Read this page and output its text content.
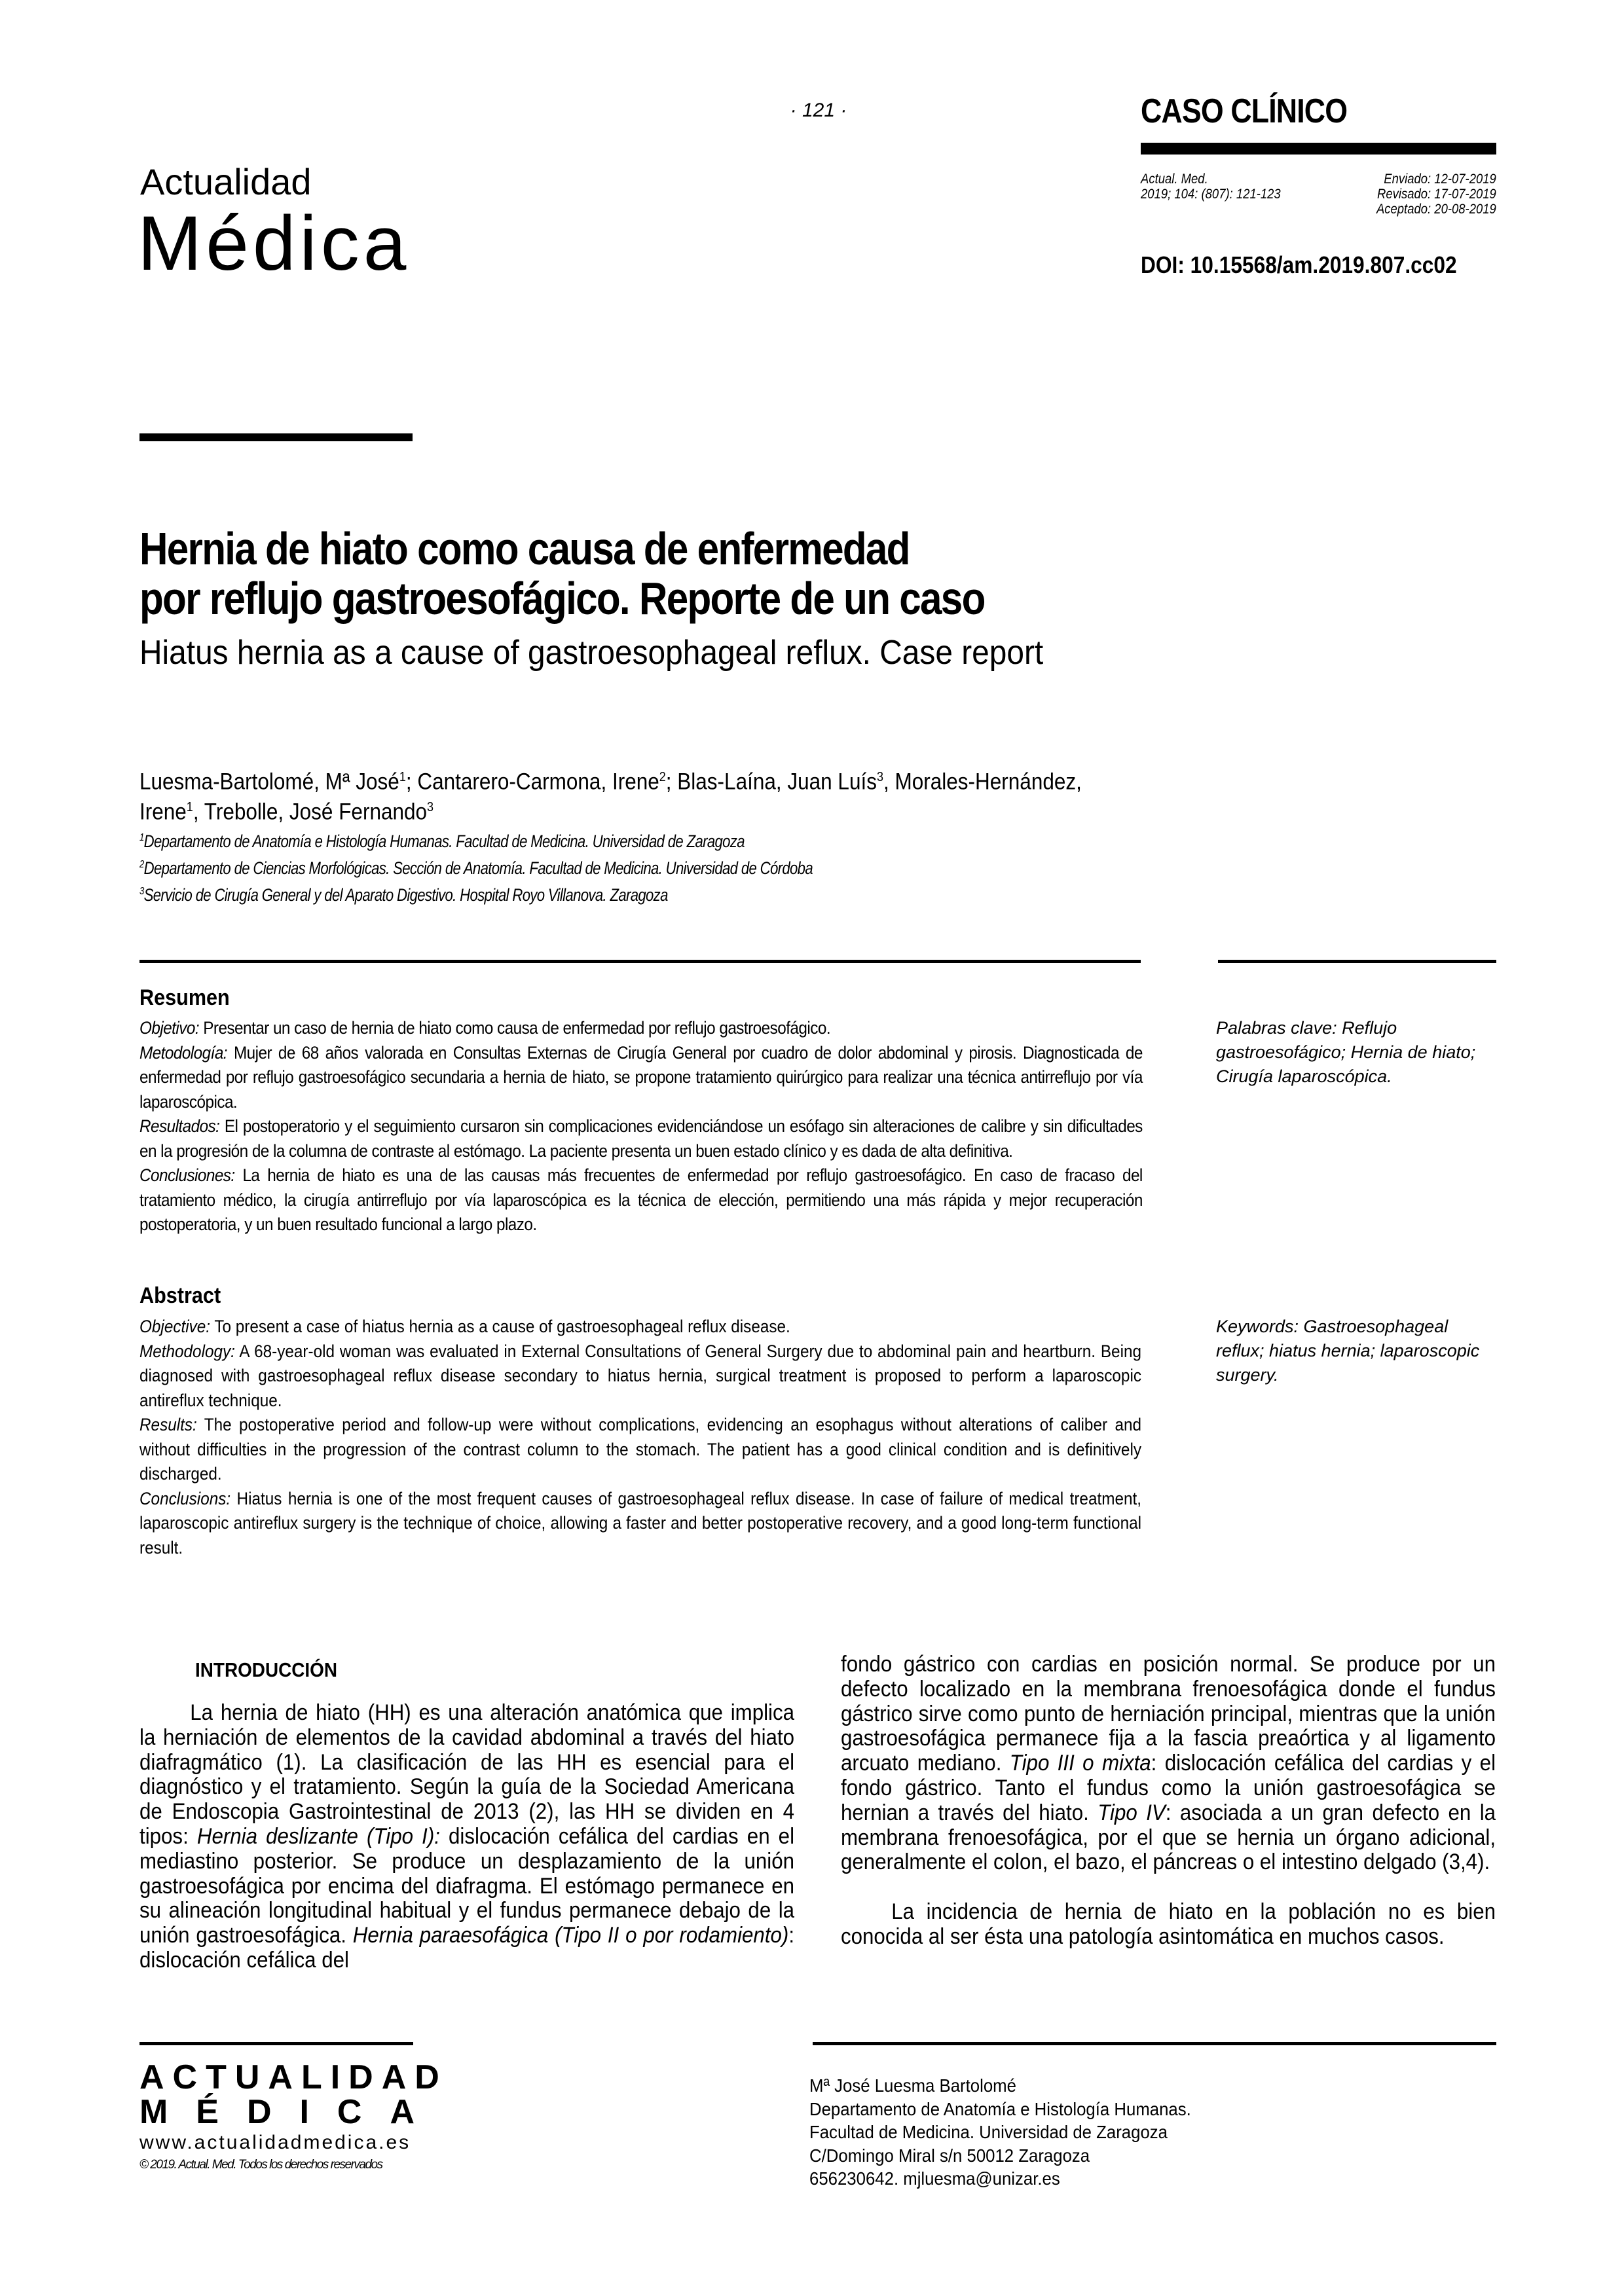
· 121 ·	CASO CLÍNICO
Actual. Med.
2019; 104: (807): 121-123
Enviado: 12-07-2019
Revisado: 17-07-2019
Aceptado: 20-08-2019
DOI: 10.15568/am.2019.807.cc02
Actualidad
Médica
Hernia de hiato como causa de enfermedad
por reflujo gastroesofágico. Reporte de un caso
Hiatus hernia as a cause of gastroesophageal reflux. Case report
Luesma-Bartolomé, Mª José$^1$; Cantarero-Carmona, Irene$^2$; Blas-Laína, Juan Luís$^3$, Morales-Hernández, Irene$^1$, Trebolle, José Fernando$^3$
$^1$Departamento de Anatomía e Histología Humanas. Facultad de Medicina. Universidad de Zaragoza
$^2$Departamento de Ciencias Morfológicas. Sección de Anatomía. Facultad de Medicina. Universidad de Córdoba
$^3$Servicio de Cirugía General y del Aparato Digestivo. Hospital Royo Villanova. Zaragoza
Resumen

Objetivo: Presentar un caso de hernia de hiato como causa de enfermedad por reflujo gastroesofágico.

Metodología: Mujer de 68 años valorada en Consultas Externas de Cirugía General por cuadro de dolor abdominal y pirosis. Diagnosticada de enfermedad por reflujo gastroesofágico secundaria a hernia de hiato, se propone tratamiento quirúrgico para realizar una técnica antirreflujo por vía laparoscópica.

Resultados: El postoperatorio y el seguimiento cursaron sin complicaciones evidenciándose un esófago sin alteraciones de calibre y sin dificultades en la progresión de la columna de contraste al estómago. La paciente presenta un buen estado clínico y es dada de alta definitiva.

Conclusiones: La hernia de hiato es una de las causas más frecuentes de enfermedad por reflujo gastroesofágico. En caso de fracaso del tratamiento médico, la cirugía antirreflujo por vía laparoscópica es la técnica de elección, permitiendo una más rápida y mejor recuperación postoperatoria, y un buen resultado funcional a largo plazo.

Palabras clave: Reflujo gastroesofágico; Hernia de hiato; Cirugía laparoscópica.
Abstract

Objective: To present a case of hiatus hernia as a cause of gastroesophageal reflux disease.

Methodology: A 68-year-old woman was evaluated in External Consultations of General Surgery due to abdominal pain and heartburn. Being diagnosed with gastroesophageal reflux disease secondary to hiatus hernia, surgical treatment is proposed to perform a laparoscopic antireflux technique.

Results: The postoperative period and follow-up were without complications, evidencing an esophagus without alterations of caliber and without difficulties in the progression of the contrast column to the stomach. The patient has a good clinical condition and is definitively discharged.

Conclusions: Hiatus hernia is one of the most frequent causes of gastroesophageal reflux disease. In case of failure of medical treatment, laparoscopic antireflux surgery is the technique of choice, allowing a faster and better postoperative recovery, and a good long-term functional result.

Keywords: Gastroesophageal reflux; hiatus hernia; laparoscopic surgery.
INTRODUCCIÓN

La hernia de hiato (HH) es una alteración anatómica que implica la herniación de elementos de la cavidad abdominal a través del hiato diafragmático (1). La clasificación de las HH es esencial para el diagnóstico y el tratamiento. Según la guía de la Sociedad Americana de Endoscopia Gastrointestinal de 2013 (2), las HH se dividen en 4 tipos: Hernia deslizante (Tipo I): dislocación cefálica del cardias en el mediastino posterior. Se produce un desplazamiento de la unión gastroesofágica por encima del diafragma. El estómago permanece en su alineación longitudinal habitual y el fundus permanece debajo de la unión gastroesofágica. Hernia paraesofágica (Tipo II o por rodamiento): dislocación cefálica del

fondo gástrico con cardias en posición normal. Se produce por un defecto localizado en la membrana frenoesofágica donde el fundus gástrico sirve como punto de herniación principal, mientras que la unión gastroesofágica permanece fija a la fascia preaórtica y al ligamento arcuato mediano. Tipo III o mixta: dislocación cefálica del cardias y el fondo gástrico. Tanto el fundus como la unión gastroesofágica se hernian a través del hiato. Tipo IV: asociada a un gran defecto en la membrana frenoesofágica, por el que se hernia un órgano adicional, generalmente el colon, el bazo, el páncreas o el intestino delgado (3,4).

La incidencia de hernia de hiato en la población no es bien conocida al ser ésta una patología asintomática en muchos casos.

ACTUALIDAD
M É D I C A
www.actualidadmedica.es
© 2019. Actual. Med. Todos los derechos reservados
Mª José Luesma Bartolomé
Departamento de Anatomía e Histología Humanas.
Facultad de Medicina. Universidad de Zaragoza
C/Domingo Miral s/n 50012 Zaragoza
656230642. mjluesma@unizar.es
